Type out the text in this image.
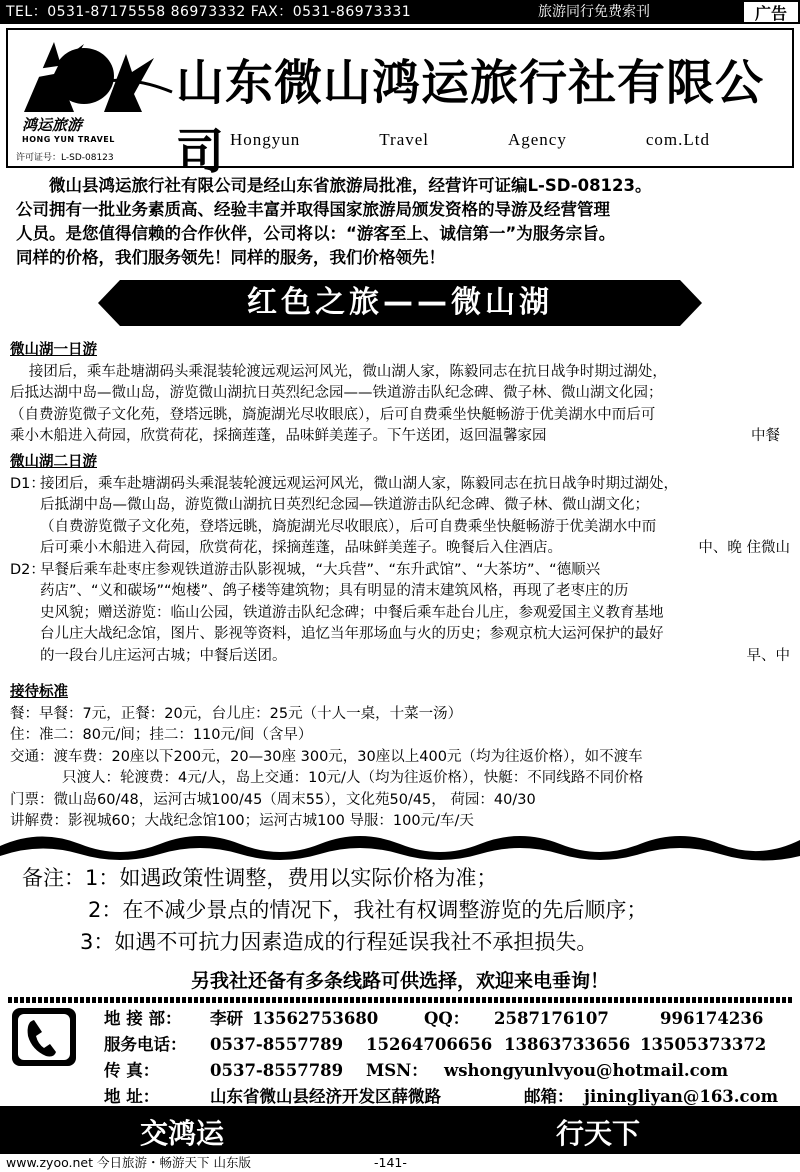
TEL：0531-87175558 86973332 FAX：0531-86973331	旅游同行免费索刊	广告
鸿运旅游
HONG YUN TRAVEL
许可证号：L-SD-08123
山东微山鸿运旅行社有限公司 Hongyun	Travel	Agency	com.Ltd

微山县鸿运旅行社有限公司是经山东省旅游局批准，经营许可证编L-SD-08123。

公司拥有一批业务素质高、经验丰富并取得国家旅游局颁发资格的导游及经营管理
人员。是您值得信赖的合作伙伴，公司将以：“游客至上、诚信第一”为服务宗旨。
同样的价格，我们服务领先！同样的服务，我们价格领先！
红色之旅——微山湖
微山湖一日游
接团后，乘车赴塘湖码头乘混装轮渡远观运河风光，微山湖人家，陈毅同志在抗日战争时期过湖处，
后抵达湖中岛—微山岛，游览微山湖抗日英烈纪念园——铁道游击队纪念碑、微子林、微山湖文化园；
（自费游览微子文化苑，登塔远眺，旖旎湖光尽收眼底），后可自费乘坐快艇畅游于优美湖水中而后可
乘小木船进入荷园，欣赏荷花，採摘莲蓬，品味鲜美莲子。下午送团，返回温馨家园	中餐
微山湖二日游
D1：
接团后，乘车赴塘湖码头乘混装轮渡远观运河风光，微山湖人家，陈毅同志在抗日战争时期过湖处，
后抵湖中岛—微山岛，游览微山湖抗日英烈纪念园—铁道游击队纪念碑、微子林、微山湖文化；
（自费游览微子文化苑，登塔远眺，旖旎湖光尽收眼底），后可自费乘坐快艇畅游于优美湖水中而
后可乘小木船进入荷园，欣赏荷花，採摘莲蓬，品味鲜美莲子。晚餐后入住酒店。	中、晚 住微山
D2：
早餐后乘车赴枣庄参观铁道游击队影视城，“大兵营”、“东升武馆”、“大茶坊”、“德顺兴
药店”、“义和碳场”“炮楼”、鸽子楼等建筑物；具有明显的清末建筑风格，再现了老枣庄的历
史风貌；赠送游览：临山公园，铁道游击队纪念碑；中餐后乘车赴台儿庄，参观爱国主义教育基地
台儿庄大战纪念馆，图片、影视等资料，追忆当年那场血与火的历史；参观京杭大运河保护的最好
的一段台儿庄运河古城；中餐后送团。	早、中
接待标准
餐：早餐：7元，正餐：20元，台儿庄：25元（十人一桌，十菜一汤）
住：准二：80元/间；挂二：110元/间（含早）
交通：渡车费：20座以下200元，20—30座 300元，30座以上400元（均为往返价格），如不渡车
只渡人：轮渡费：4元/人，岛上交通：10元/人（均为往返价格），快艇：不同线路不同价格
门票：微山岛60/48，运河古城100/45（周末55），文化苑50/45， 荷园：40/30
讲解费：影视城60；大战纪念馆100；运河古城100 导服：100元/车/天
备注：1：如遇政策性调整，费用以实际价格为准；
2：在不减少景点的情况下，我社有权调整游览的先后顺序；
3：如遇不可抗力因素造成的行程延误我社不承担损失。
另我社还备有多条线路可供选择，欢迎来电垂询！
地 接 部： 李研 13562753680	QQ： 2587176107	996174236
服务电话： 0537-8557789 15264706656 13863733656 13505373372
传 真：	0537-8557789 MSN： wshongyunlvyou@hotmail.com
地 址：	山东省微山县经济开发区薛微路	邮箱： jiningliyan@163.com
交鸿运	行天下
www.zyoo.net 今日旅游・畅游天下 山东版	-141-
